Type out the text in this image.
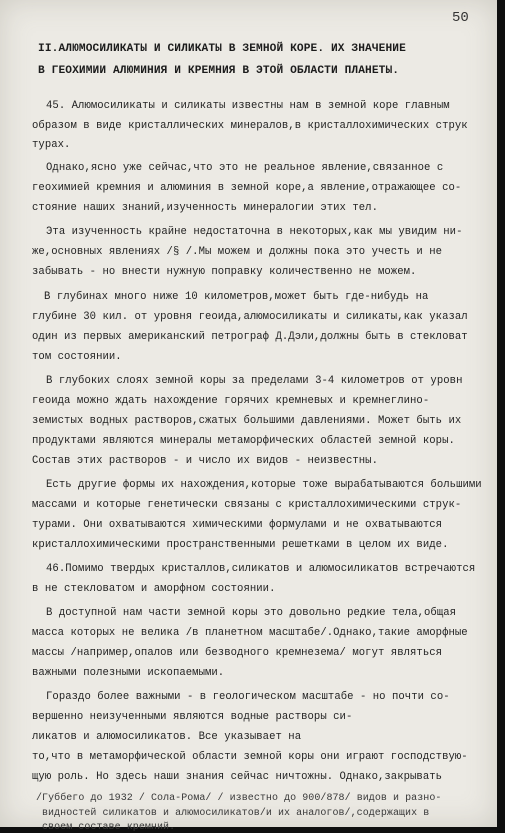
50
II.АЛЮМОСИЛИКАТЫ И СИЛИКАТЫ В ЗЕМНОЙ КОРЕ. ИХ ЗНАЧЕНИЕ
В ГЕОХИМИИ АЛЮМИНИЯ И КРЕМНИЯ В ЭТОЙ ОБЛАСТИ ПЛАНЕТЫ.
45. Алюмосиликаты и силикаты известны нам в земной коре главным
образом в виде кристаллических минералов,в кристаллохимических струк
турах.
Однако,ясно уже сейчас,что это не реальное явление,связанное с
геохимией кремния и алюминия в земной коре,а явление,отражающее со-
стояние наших знаний,изученность минералогии этих тел.
Эта изученность крайне недостаточна в некоторых,как мы увидим ни-
же,основных явлениях /§ /.Мы можем и должны пока это учесть и не
забывать - но внести нужную поправку количественно не можем.
В глубинах много ниже 10 километров,может быть где-нибудь на
глубине 30 кил. от уровня геоида,алюмосиликаты и силикаты,как указал
один из первых американский петрограф Д.Дэли,должны быть в стекловат
том состоянии.
В глубоких слоях земной коры за пределами 3-4 километров от уровн
геоида можно ждать нахождение горячих кремневых и кремнеглино-
земистых водных растворов,сжатых большими давлениями. Может быть их
продуктами являются минералы метаморфических областей земной коры.
Состав этих растворов - и число их видов - неизвестны.
Есть другие формы их нахождения,которые тоже вырабатываются большими
массами и которые генетически связаны с кристаллохимическими струк-
турами. Они охватываются химическими формулами и не охватываются
кристаллохимическими пространственными решетками в целом их виде.
46.Помимо твердых кристаллов,силикатов и алюмосиликатов встречаются
в не стекловатом и аморфном состоянии.
В доступной нам части земной коры это довольно редкие тела,общая
масса которых не велика /в планетном масштабе/.Однако,такие аморфные
массы /например,опалов или безводного кремнезема/ могут являться
важными полезными ископаемыми.
Гораздо более важными - в геологическом масштабе - но почти со-
вершенно неизученными являются водные растворы си-
ликатов и алюмосиликатов. Все указывает на
то,что в метаморфической области земной коры они играют господствую-
щую роль. Но здесь наши знания сейчас ничтожны. Однако,закрывать
/Губбего до 1932 / Сола-Рома/ / известно до 900/878/ видов и разно-
видностей силикатов и алюмосиликатов/и их аналогов/,содержащих в
своем составе кремний.
